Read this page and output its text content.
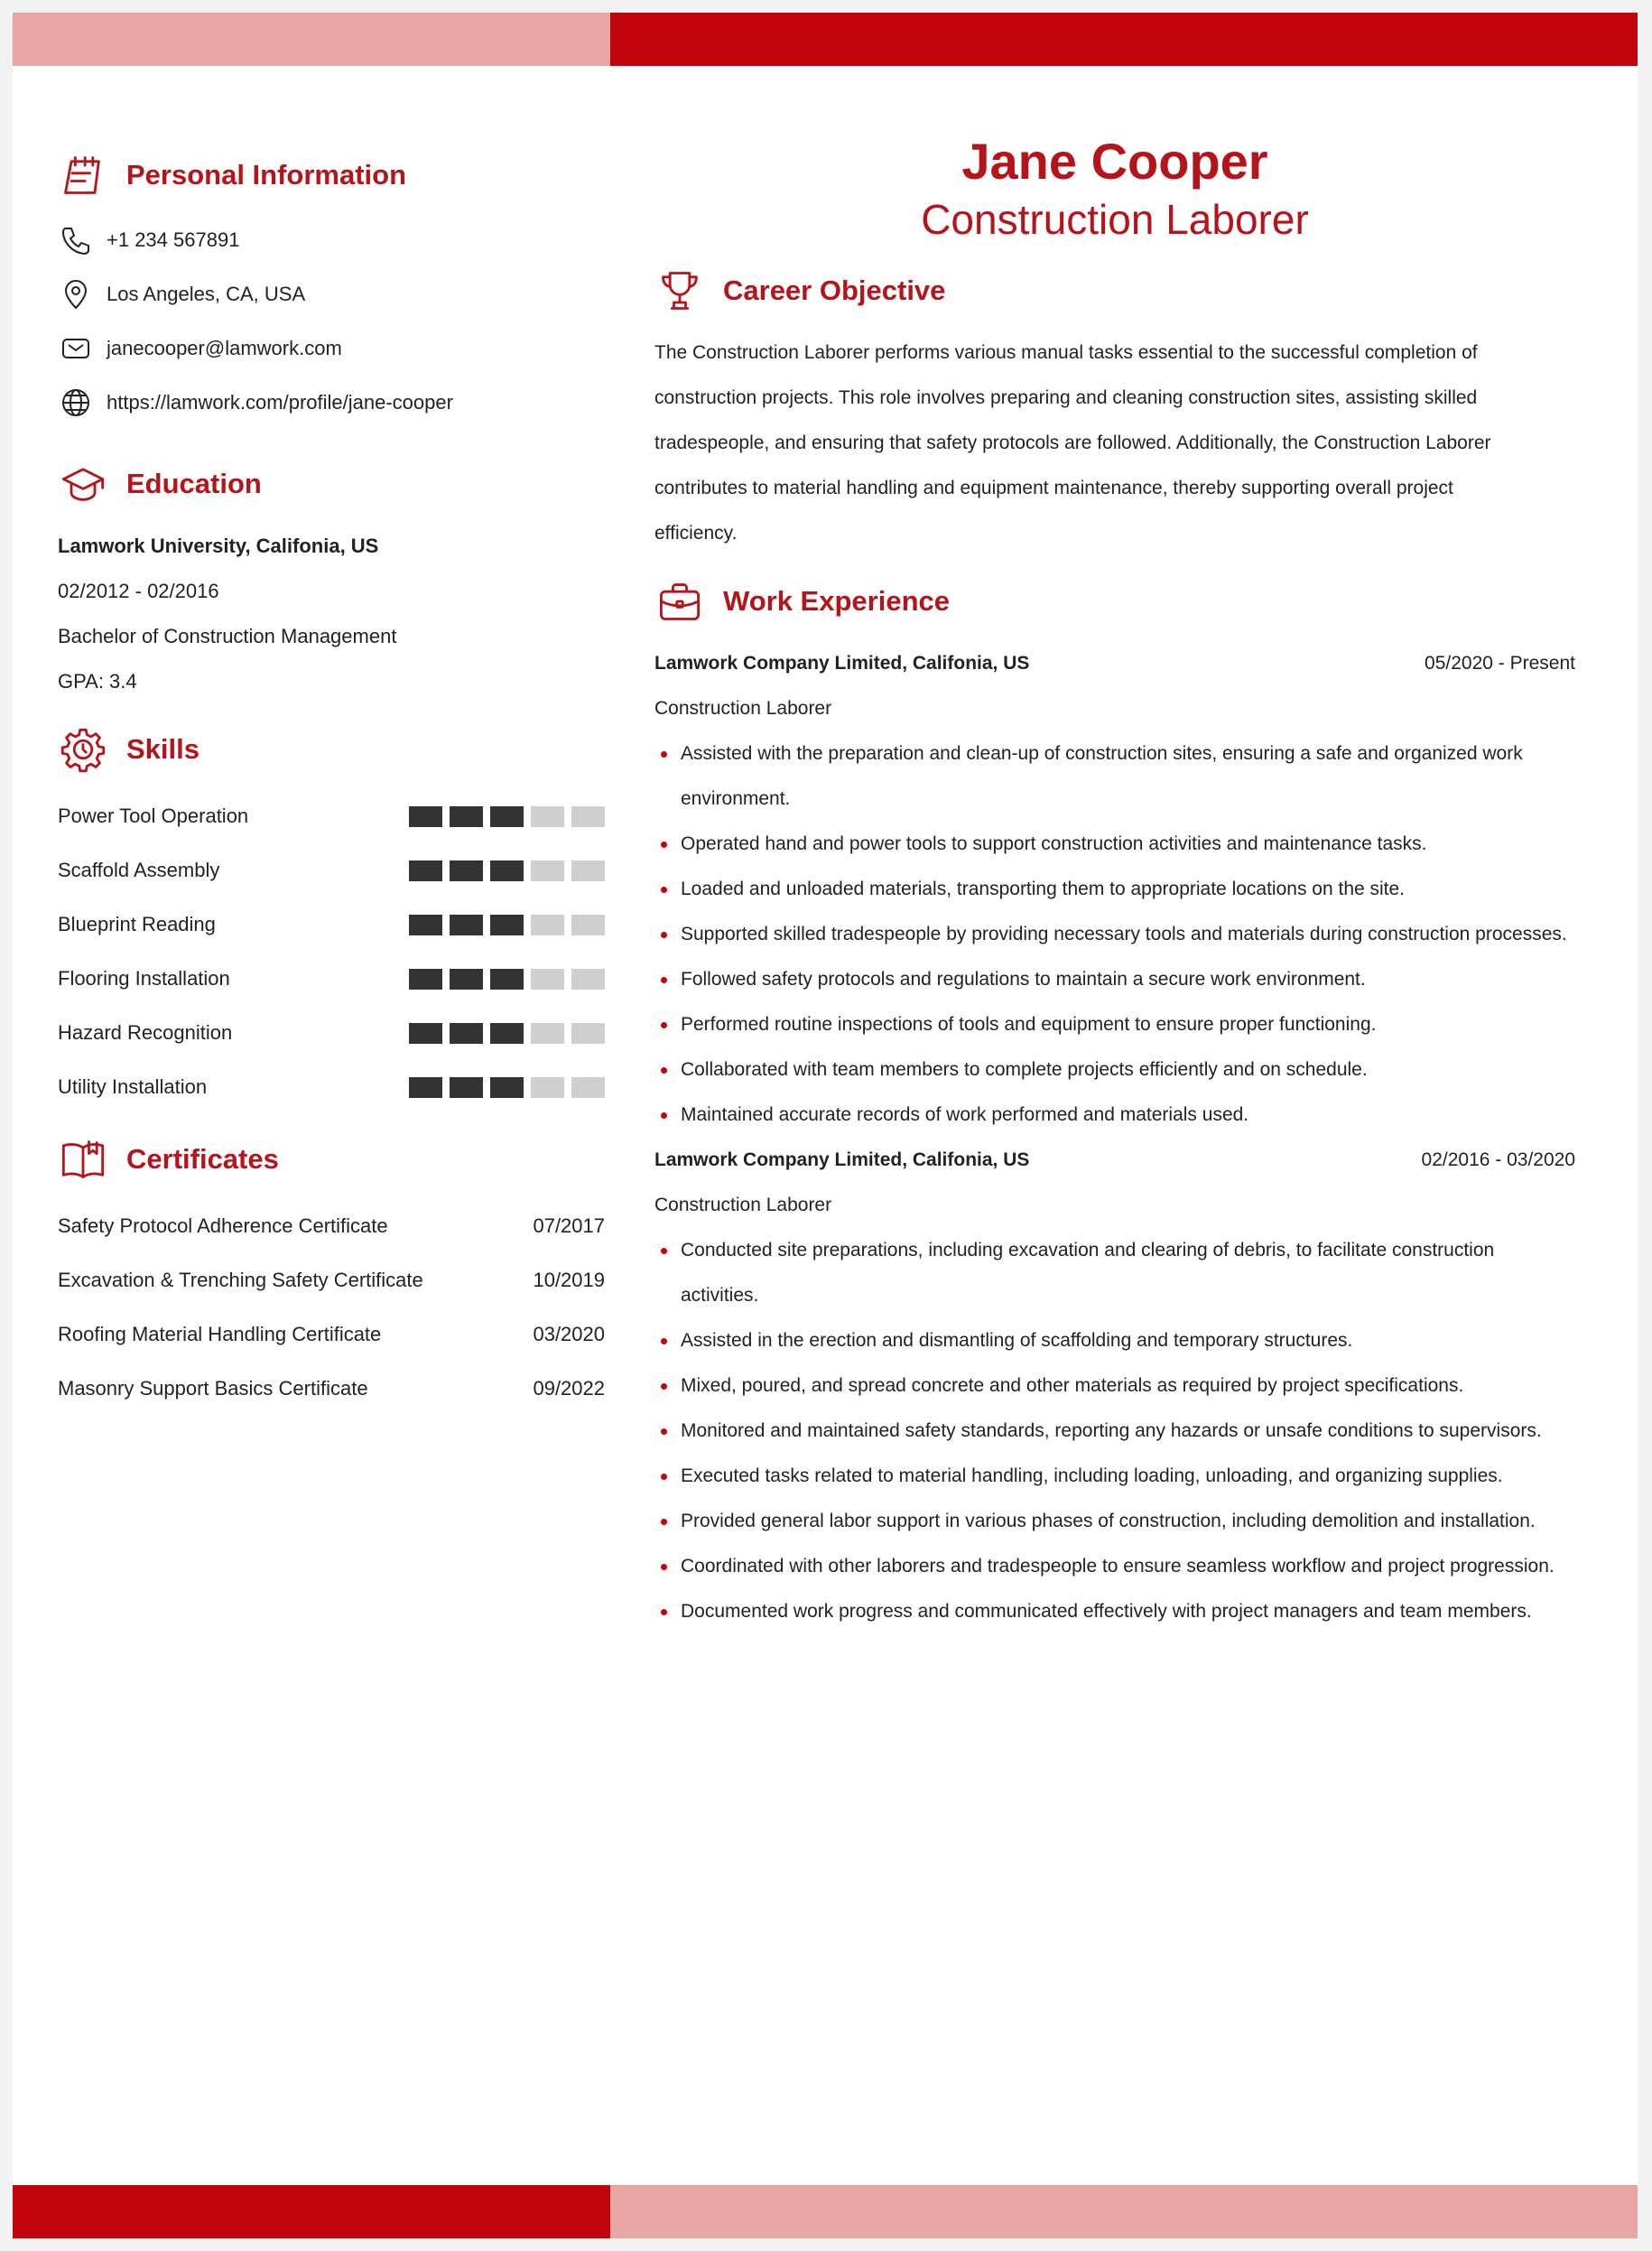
Personal Information
+1 234 567891
Los Angeles, CA, USA
janecooper@lamwork.com
https://lamwork.com/profile/jane-cooper
Education
Lamwork University, Califonia, US
02/2012 - 02/2016
Bachelor of Construction Management
GPA: 3.4
Skills
Power Tool Operation
Scaffold Assembly
Blueprint Reading
Flooring Installation
Hazard Recognition
Utility Installation
Certificates
Safety Protocol Adherence Certificate	07/2017
Excavation & Trenching Safety Certificate	10/2019
Roofing Material Handling Certificate	03/2020
Masonry Support Basics Certificate	09/2022
Jane Cooper
Construction Laborer
Career Objective
The Construction Laborer performs various manual tasks essential to the successful completion of
construction projects. This role involves preparing and cleaning construction sites, assisting skilled
tradespeople, and ensuring that safety protocols are followed. Additionally, the Construction Laborer
contributes to material handling and equipment maintenance, thereby supporting overall project
efficiency.
Work Experience
Lamwork Company Limited, Califonia, US	05/2020 - Present
Construction Laborer
Assisted with the preparation and clean-up of construction sites, ensuring a safe and organized work environment.
Operated hand and power tools to support construction activities and maintenance tasks.
Loaded and unloaded materials, transporting them to appropriate locations on the site.
Supported skilled tradespeople by providing necessary tools and materials during construction processes.
Followed safety protocols and regulations to maintain a secure work environment.
Performed routine inspections of tools and equipment to ensure proper functioning.
Collaborated with team members to complete projects efficiently and on schedule.
Maintained accurate records of work performed and materials used.
Lamwork Company Limited, Califonia, US	02/2016 - 03/2020
Construction Laborer
Conducted site preparations, including excavation and clearing of debris, to facilitate construction activities.
Assisted in the erection and dismantling of scaffolding and temporary structures.
Mixed, poured, and spread concrete and other materials as required by project specifications.
Monitored and maintained safety standards, reporting any hazards or unsafe conditions to supervisors.
Executed tasks related to material handling, including loading, unloading, and organizing supplies.
Provided general labor support in various phases of construction, including demolition and installation.
Coordinated with other laborers and tradespeople to ensure seamless workflow and project progression.
Documented work progress and communicated effectively with project managers and team members.
